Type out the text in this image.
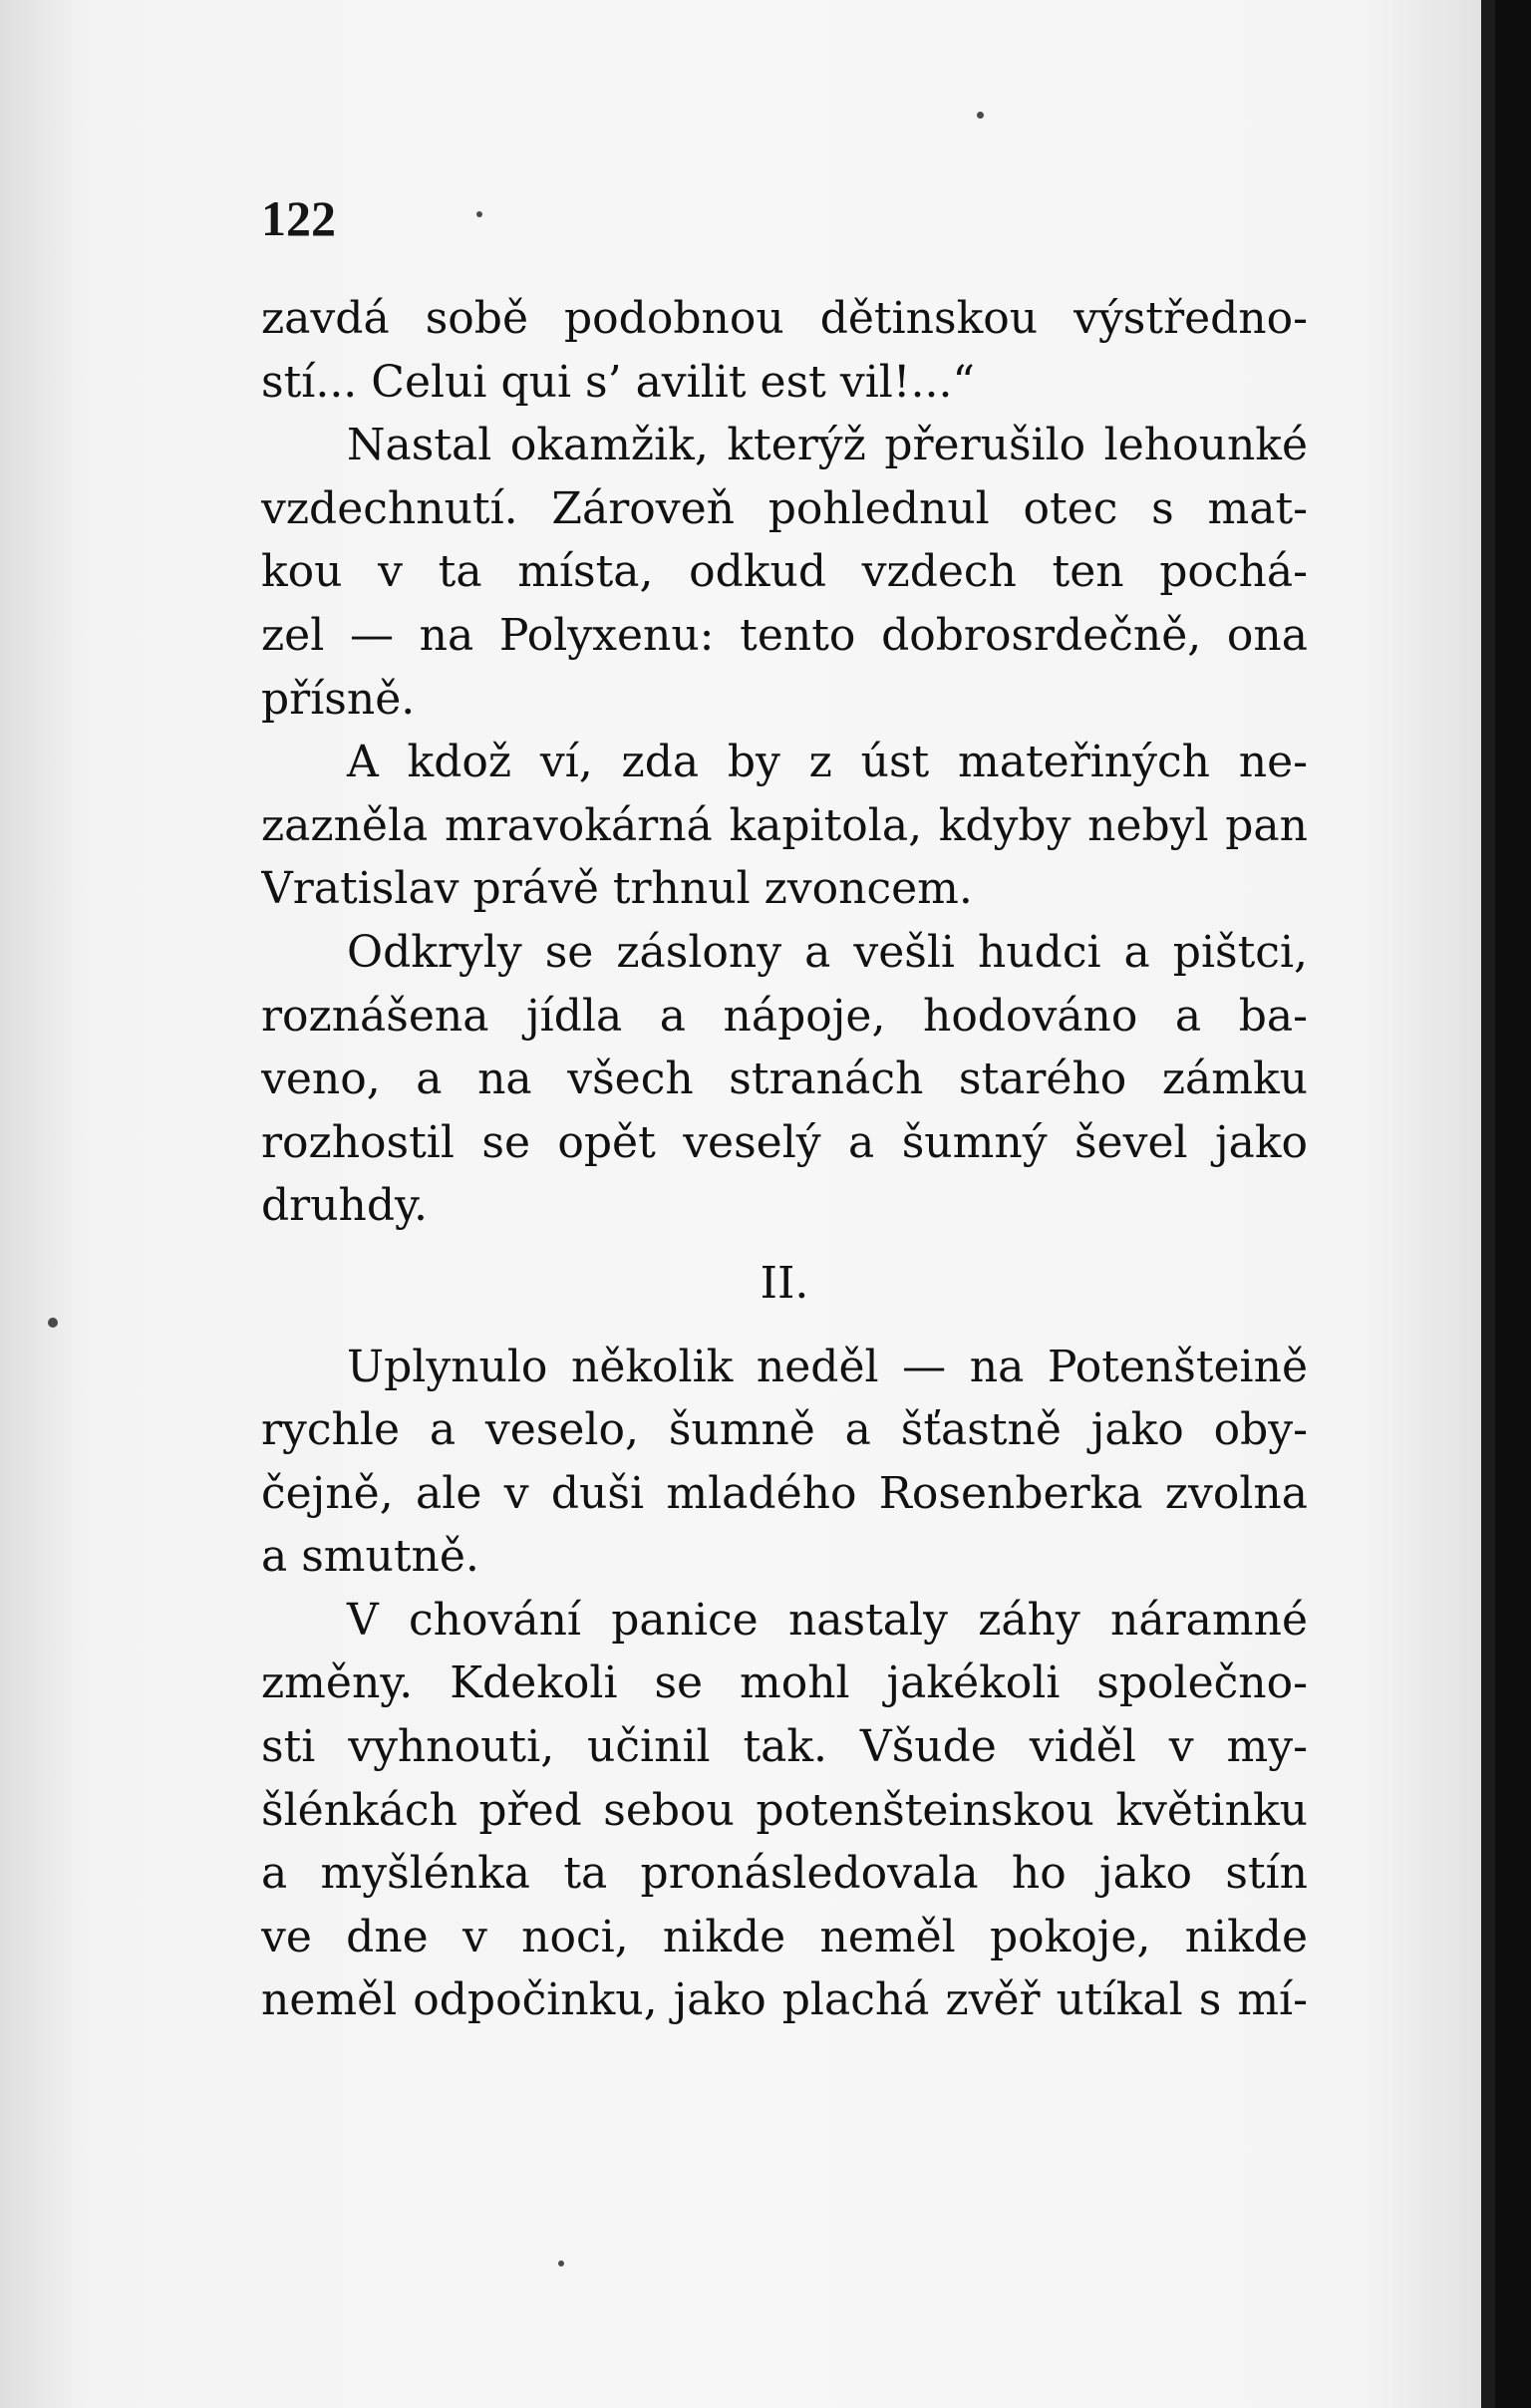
122
zavdá sobě podobnou dětinskou výstředno-
stí... Celui qui s’ avilit est vil!...“
Nastal okamžik, kterýž přerušilo lehounké
vzdechnutí. Zároveň pohlednul otec s mat-
kou v ta místa, odkud vzdech ten pochá-
zel — na Polyxenu: tento dobrosrdečně, ona
přísně.
A kdož ví, zda by z úst mateřiných ne-
zazněla mravokárná kapitola, kdyby nebyl pan
Vratislav právě trhnul zvoncem.
Odkryly se záslony a vešli hudci a pištci,
roznášena jídla a nápoje, hodováno a ba-
veno, a na všech stranách starého zámku
rozhostil se opět veselý a šumný ševel jako
druhdy.
II.
Uplynulo několik neděl — na Potenšteině
rychle a veselo, šumně a šťastně jako oby-
čejně, ale v duši mladého Rosenberka zvolna
a smutně.
V chování panice nastaly záhy náramné
změny. Kdekoli se mohl jakékoli společno-
sti vyhnouti, učinil tak. Všude viděl v my-
šlénkách před sebou potenšteinskou květinku
a myšlénka ta pronásledovala ho jako stín
ve dne v noci, nikde neměl pokoje, nikde
neměl odpočinku, jako plachá zvěř utíkal s mí-
